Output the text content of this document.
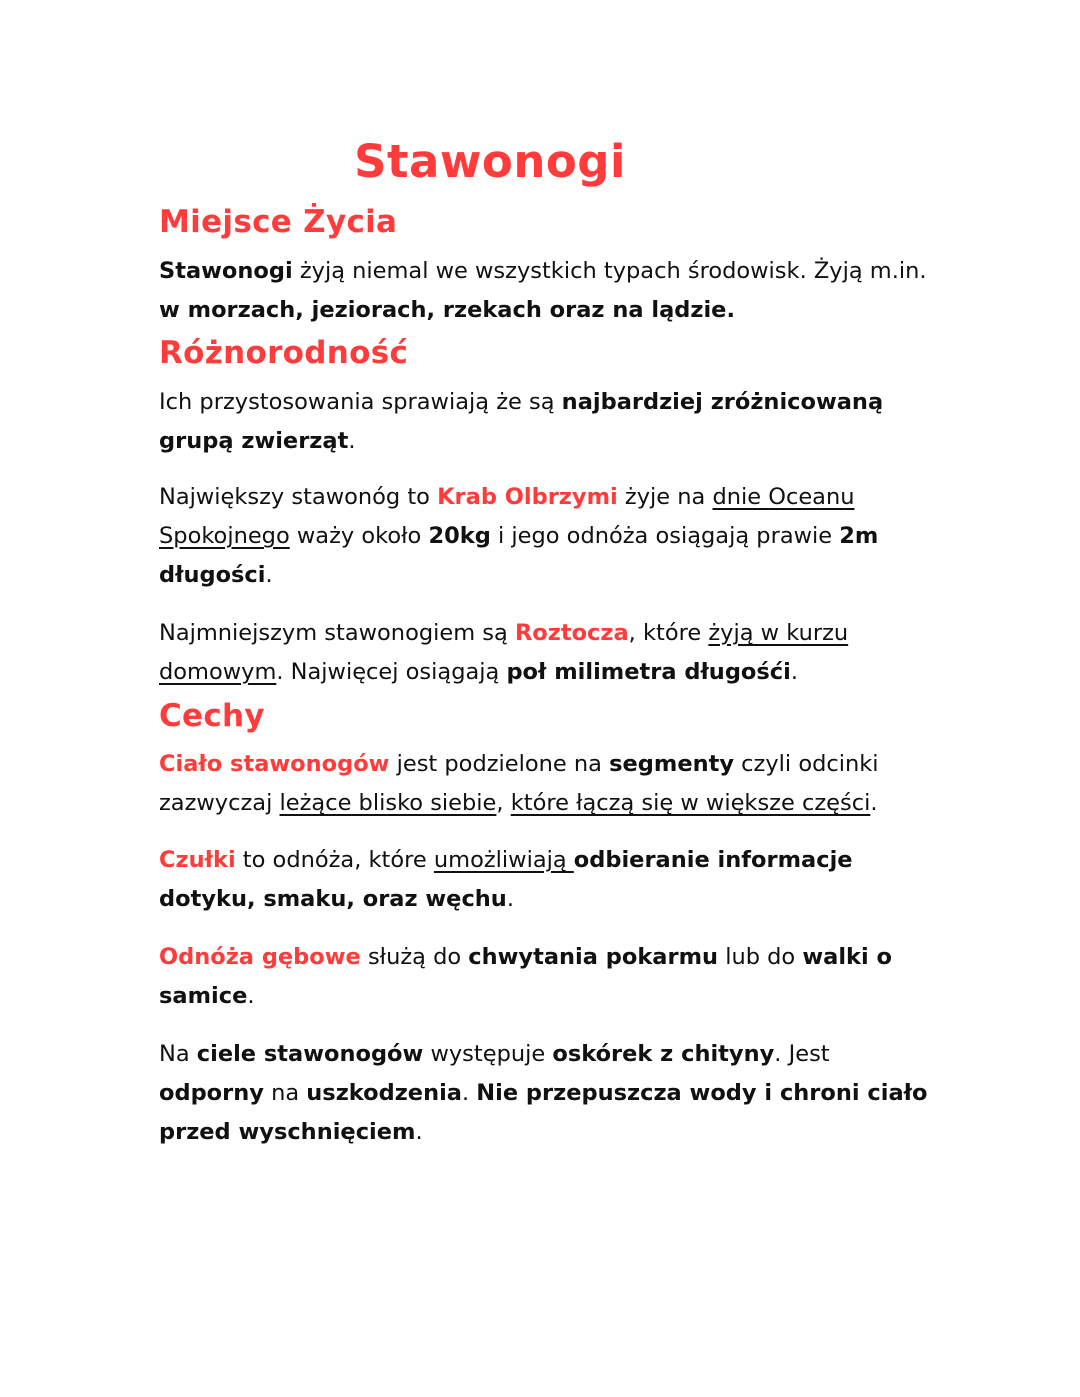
Stawonogi
Miejsce Życia

Stawonogi żyją niemal we wszystkich typach środowisk. Żyją m.in. w morzach, jeziorach, rzekach oraz na lądzie.

Różnorodność

Ich przystosowania sprawiają że są najbardziej zróżnicowaną grupą zwierząt.

Największy stawonóg to Krab Olbrzymi żyje na dnie Oceanu Spokojnego waży około 20kg i jego odnóża osiągają prawie 2m długości.

Najmniejszym stawonogiem są Roztocza, które żyją w kurzu domowym. Najwięcej osiągają poł milimetra długośći.

Cechy

Ciało stawonogów jest podzielone na segmenty czyli odcinki zazwyczaj leżące blisko siebie, które łączą się w większe części.

Czułki to odnóża, które umożliwiają odbieranie informacje dotyku, smaku, oraz węchu.

Odnóża gębowe służą do chwytania pokarmu lub do walki o samice.

Na ciele stawonogów występuje oskórek z chityny. Jest odporny na uszkodzenia. Nie przepuszcza wody i chroni ciało przed wyschnięciem.
